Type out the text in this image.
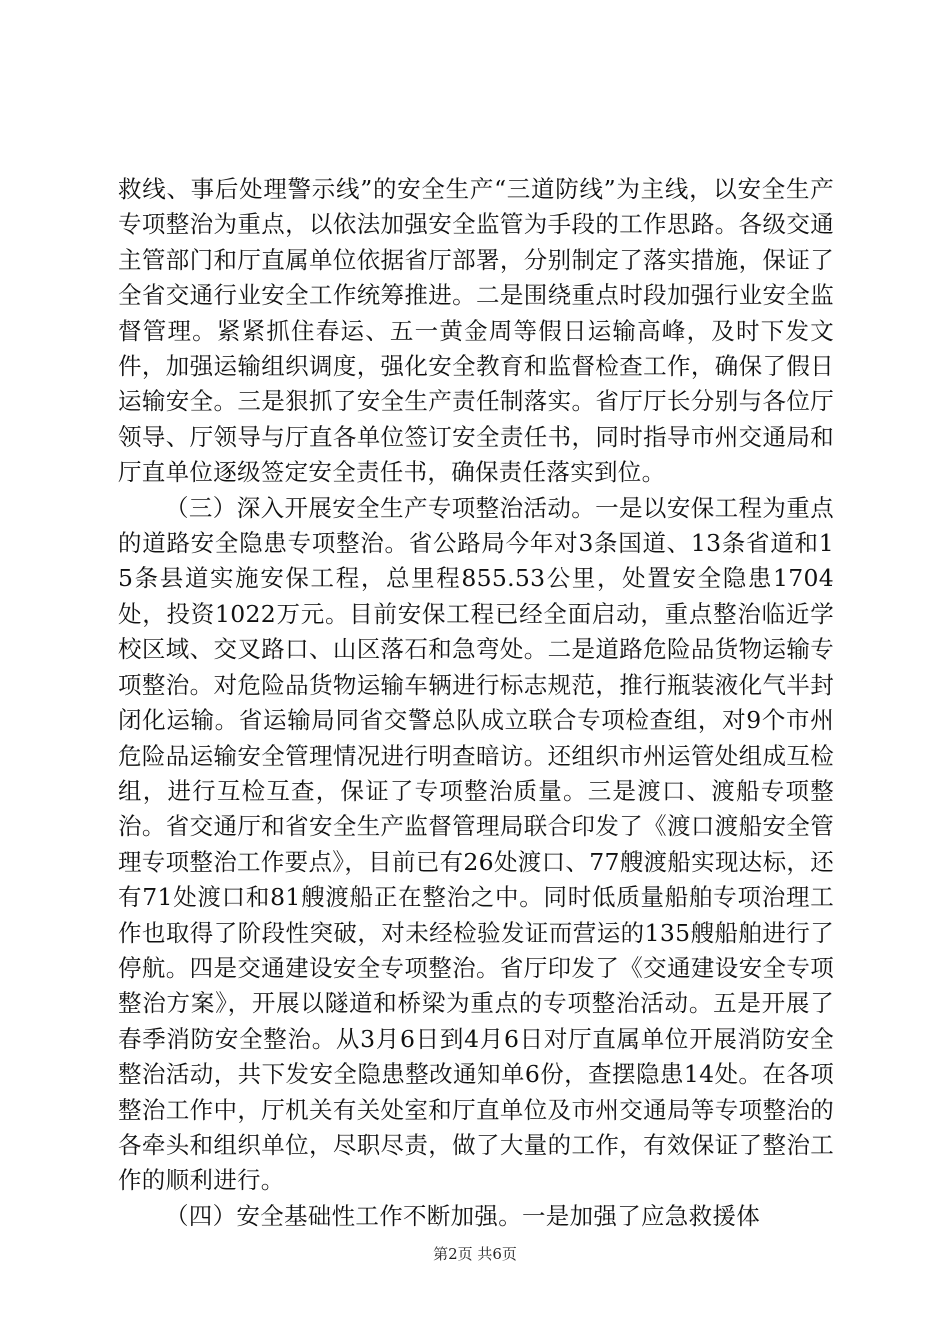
救线、事后处理警示线”的安全生产“三道防线”为主线，以安全生产专项整治为重点，以依法加强安全监管为手段的工作思路。各级交通主管部门和厅直属单位依据省厅部署，分别制定了落实措施，保证了全省交通行业安全工作统筹推进。二是围绕重点时段加强行业安全监督管理。紧紧抓住春运、五一黄金周等假日运输高峰，及时下发文件，加强运输组织调度，强化安全教育和监督检查工作，确保了假日运输安全。三是狠抓了安全生产责任制落实。省厅厅长分别与各位厅领导、厅领导与厅直各单位签订安全责任书，同时指导市州交通局和厅直单位逐级签定安全责任书，确保责任落实到位。

（三）深入开展安全生产专项整治活动。一是以安保工程为重点的道路安全隐患专项整治。省公路局今年对3条国道、13条省道和15条县道实施安保工程，总里程855.53公里，处置安全隐患1704处，投资1022万元。目前安保工程已经全面启动，重点整治临近学校区域、交叉路口、山区落石和急弯处。二是道路危险品货物运输专项整治。对危险品货物运输车辆进行标志规范，推行瓶装液化气半封闭化运输。省运输局同省交警总队成立联合专项检查组，对9个市州危险品运输安全管理情况进行明查暗访。还组织市州运管处组成互检组，进行互检互查，保证了专项整治质量。三是渡口、渡船专项整治。省交通厅和省安全生产监督管理局联合印发了《渡口渡船安全管理专项整治工作要点》，目前已有26处渡口、77艘渡船实现达标，还有71处渡口和81艘渡船正在整治之中。同时低质量船舶专项治理工作也取得了阶段性突破，对未经检验发证而营运的135艘船舶进行了停航。四是交通建设安全专项整治。省厅印发了《交通建设安全专项整治方案》，开展以隧道和桥梁为重点的专项整治活动。五是开展了春季消防安全整治。从3月6日到4月6日对厅直属单位开展消防安全整治活动，共下发安全隐患整改通知单6份，查摆隐患14处。在各项整治工作中，厅机关有关处室和厅直单位及市州交通局等专项整治的各牵头和组织单位，尽职尽责，做了大量的工作，有效保证了整治工作的顺利进行。

（四）安全基础性工作不断加强。一是加强了应急救援体

第2页 共6页
